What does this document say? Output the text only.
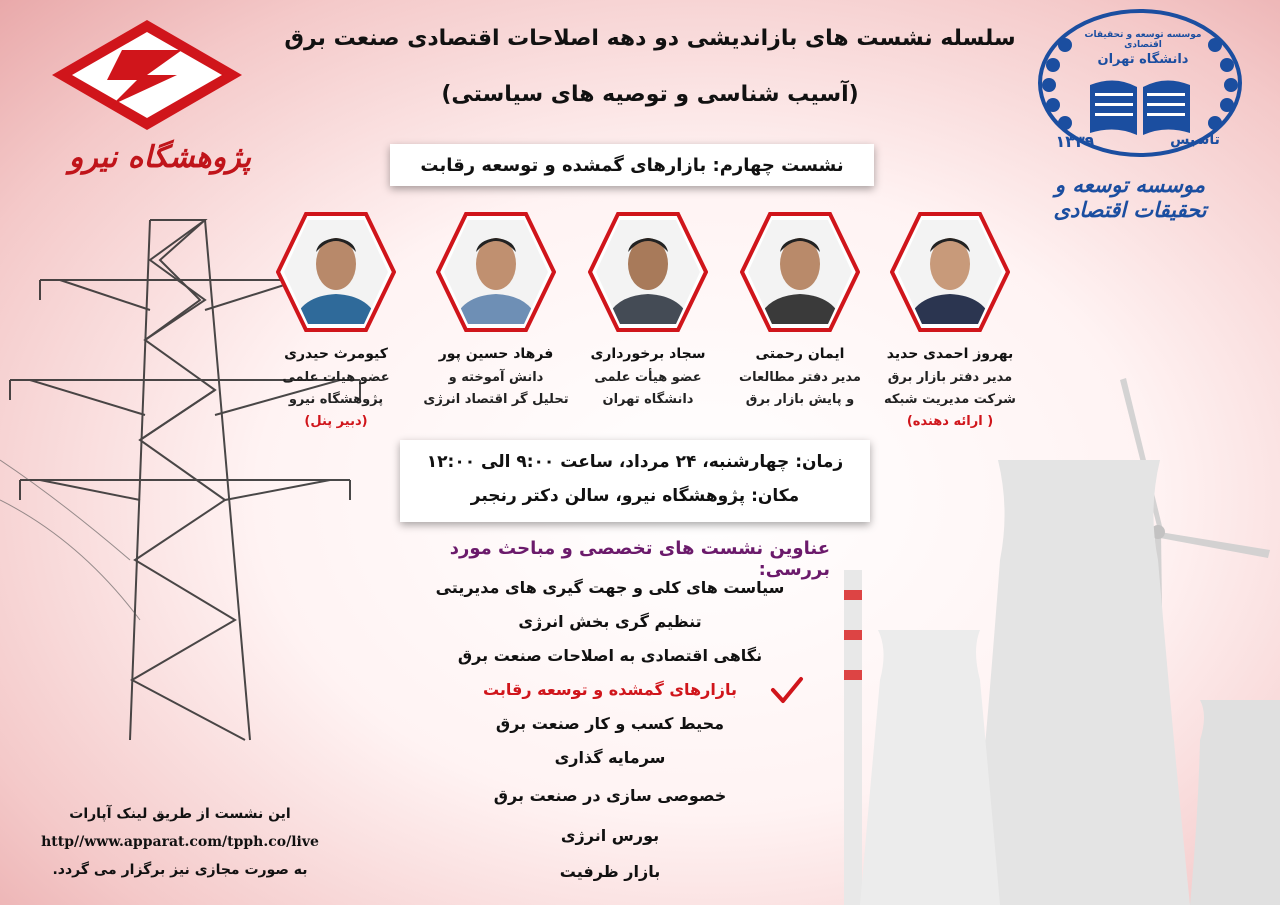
پژوهشگاه نیرو
موسسه توسعه و تحقیقات اقتصادی
دانشگاه تهران
تاسیس
۱۳۳۹
موسسه توسعه و تحقیقات اقتصادی
سلسله نشست های بازاندیشی دو دهه اصلاحات اقتصادی صنعت برق
(آسیب شناسی و توصیه های سیاستی)
نشست چهارم: بازارهای گمشده و توسعه رقابت
بهروز احمدی حدید
مدیر دفتر بازار برق
شرکت مدیریت شبکه
( ارائه دهنده)
ایمان رحمتی
مدیر دفتر مطالعات
و پایش بازار برق
سجاد برخورداری
عضو هیأت علمی
دانشگاه تهران
فرهاد حسین پور
دانش آموخته و
تحلیل گر اقتصاد انرژی
کیومرث حیدری
عضو هیات علمی
پژوهشگاه نیرو
(دبیر پنل)
زمان: چهارشنبه، ۲۴ مرداد، ساعت ۹:۰۰ الی ۱۲:۰۰
مکان: پژوهشگاه نیرو، سالن دکتر رنجبر
عناوین نشست های تخصصی و مباحث مورد بررسی:
سیاست های کلی و جهت گیری های مدیریتی
تنظیم گری بخش انرژی
نگاهی اقتصادی به اصلاحات صنعت برق
بازارهای گمشده و توسعه رقابت
محیط کسب و کار صنعت برق
سرمایه گذاری
خصوصی سازی در صنعت برق
بورس انرژی
بازار ظرفیت
این نشست از طریق لینک آپارات
http//www.apparat.com/tpph.co/live
به صورت مجازی نیز برگزار می گردد.
